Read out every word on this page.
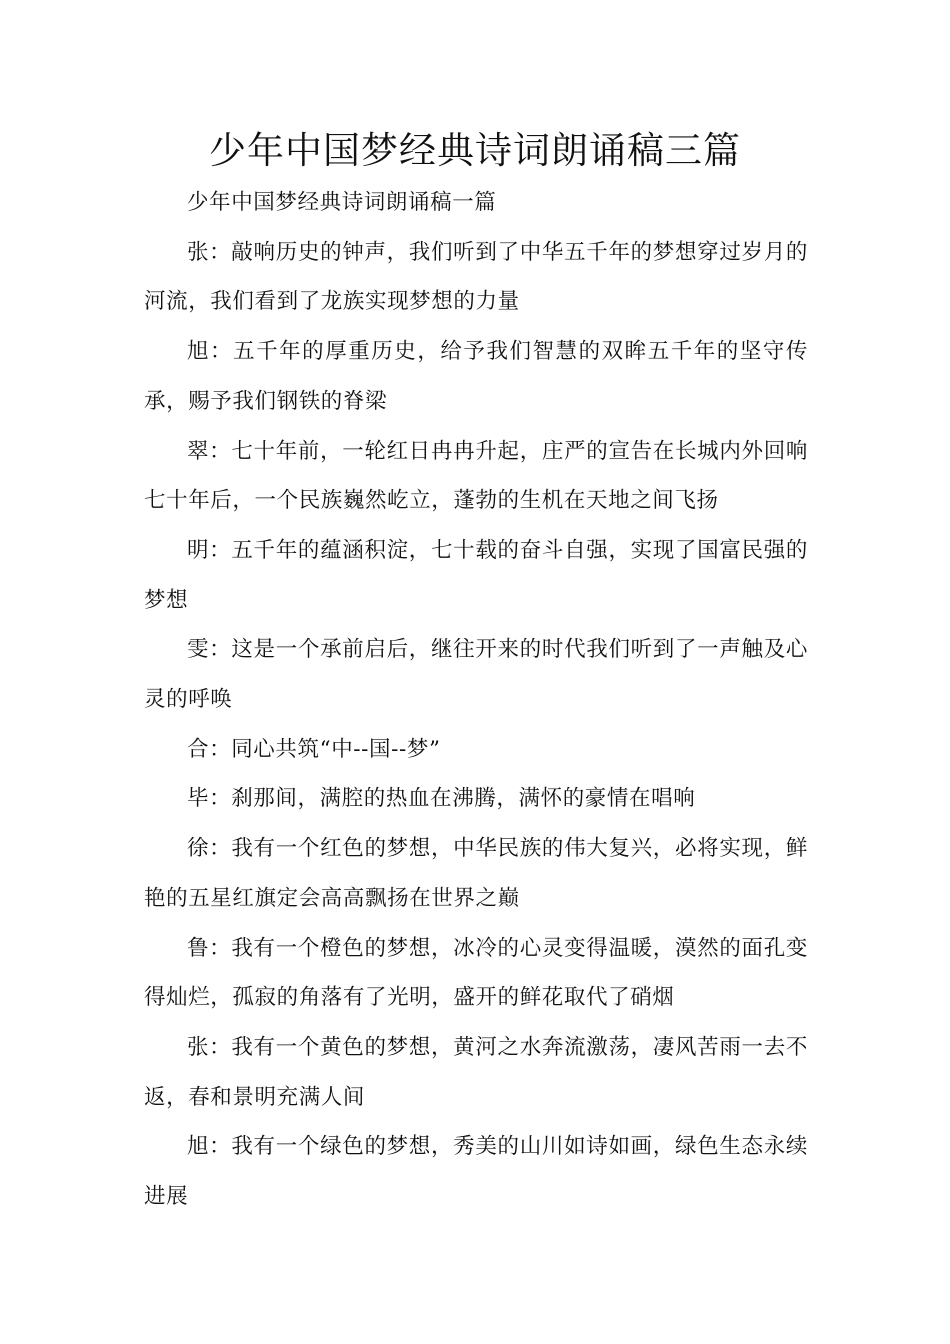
少年中国梦经典诗词朗诵稿三篇

少年中国梦经典诗词朗诵稿一篇

张：敲响历史的钟声，我们听到了中华五千年的梦想穿过岁月的河流，我们看到了龙族实现梦想的力量

旭：五千年的厚重历史，给予我们智慧的双眸五千年的坚守传承，赐予我们钢铁的脊梁

翠：七十年前，一轮红日冉冉升起，庄严的宣告在长城内外回响七十年后，一个民族巍然屹立，蓬勃的生机在天地之间飞扬

明：五千年的蕴涵积淀，七十载的奋斗自强，实现了国富民强的梦想

雯：这是一个承前启后，继往开来的时代我们听到了一声触及心灵的呼唤

合：同心共筑“中--国--梦”

毕：刹那间，满腔的热血在沸腾，满怀的豪情在唱响

徐：我有一个红色的梦想，中华民族的伟大复兴，必将实现，鲜艳的五星红旗定会高高飘扬在世界之巅

鲁：我有一个橙色的梦想，冰冷的心灵变得温暖，漠然的面孔变得灿烂，孤寂的角落有了光明，盛开的鲜花取代了硝烟

张：我有一个黄色的梦想，黄河之水奔流激荡，凄风苦雨一去不返，春和景明充满人间

旭：我有一个绿色的梦想，秀美的山川如诗如画，绿色生态永续进展
